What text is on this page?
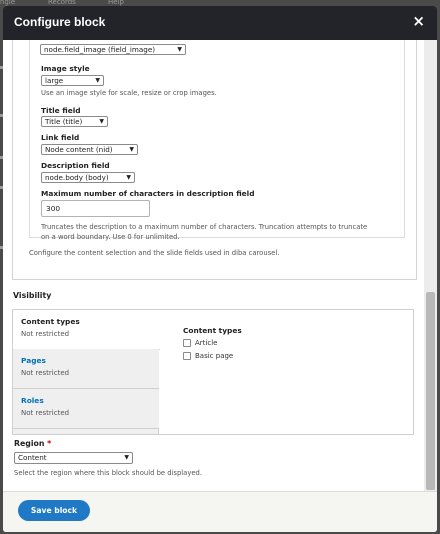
ngle	Records	Help
Configure block	×
node.field_image (field_image)	▼
Image style
large	▼
Use an image style for scale, resize or crop images.
Title field
Title (title)	▼
Link field
Node content (nid)	▼
Description field
node.body (body)	▼
Maximum number of characters in description field
300
Truncates the description to a maximum number of characters. Truncation attempts to truncate
on a word boundary. Use 0 for unlimited.
Configure the content selection and the slide fields used in diba carousel.
Visibility
Content types
Not restricted
Pages
Not restricted
Roles
Not restricted
Content types
Article
Basic page
Region *
Content	▼
Select the region where this block should be displayed.
Save block
